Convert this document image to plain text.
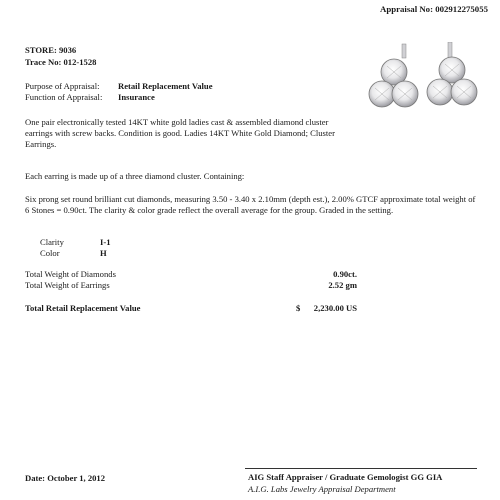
Appraisal No: 002912275055
STORE: 9036
Trace No: 012-1528
Purpose of Appraisal: Retail Replacement Value
Function of Appraisal: Insurance
One pair electronically tested 14KT white gold ladies cast & assembled diamond cluster earrings with screw backs. Condition is good. Ladies 14KT White Gold Diamond; Cluster Earrings.
Each earring is made up of a three diamond cluster. Containing:
Six prong set round brilliant cut diamonds, measuring 3.50 - 3.40 x 2.10mm (depth est.), 2.00% GTCF approximate total weight of 6 Stones = 0.90ct. The clarity & color grade reflect the overall average for the group. Graded in the setting.
Clarity	I-1
Color	H
Total Weight of Diamonds	0.90ct.
Total Weight of Earrings	2.52 gm
Total Retail Replacement Value	$ 2,230.00 US
Date: October 1, 2012	AIG Staff Appraiser / Graduate Gemologist GG GIA
A.I.G. Labs Jewelry Appraisal Department
